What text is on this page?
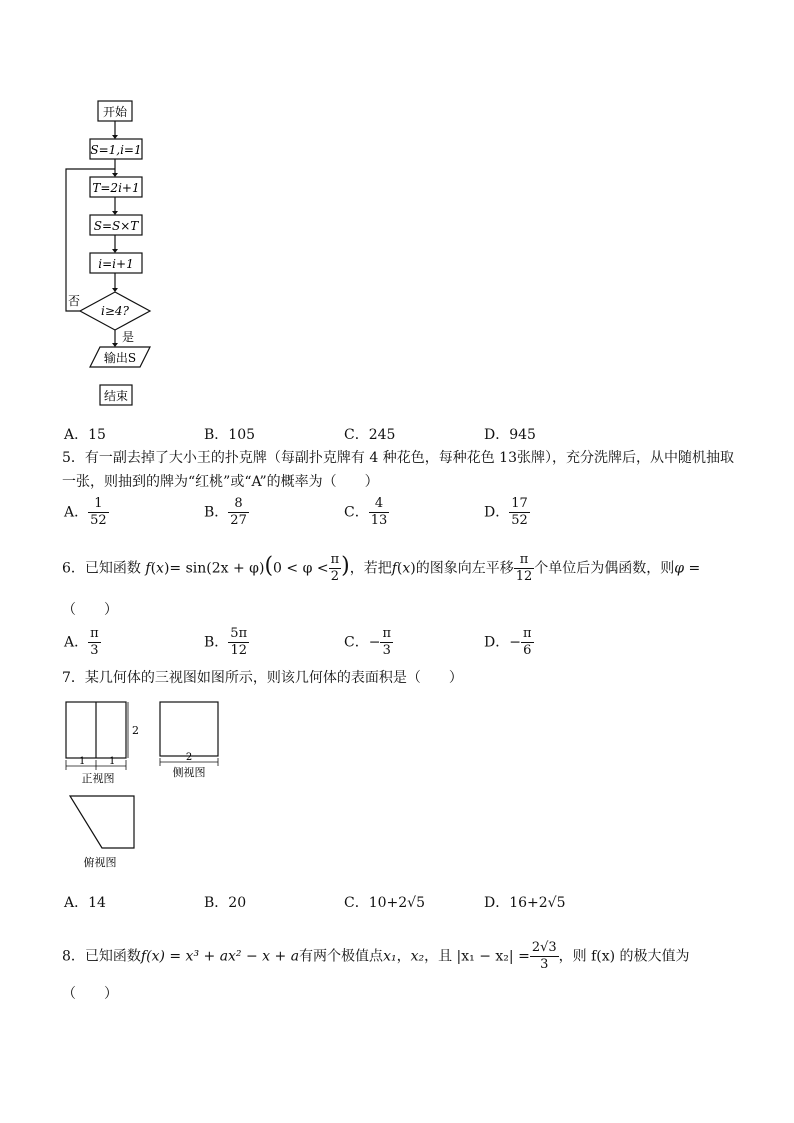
开始
S=1,i=1
T=2i+1
S=S×T
i=i+1
i≥4?
否
是
输出S
结束
A．15	B．105	C．245	D．945
5．有一副去掉了大小王的扑克牌（每副扑克牌有 4 种花色，每种花色 13张牌），充分洗牌后，从中随机抽取
一张，则抽到的牌为“红桃”或“A”的概率为（　　）
A． $\frac{1}{52}$	B． $\frac{8}{27}$	C． $\frac{4}{13}$	D． $\frac{17}{52}$
6．已知函数 $f(x)= \sin(2x + \varphi)(0 < \varphi < \frac{\pi}{2}$ )，若把f(x)的图象向左平移 $\frac{\pi}{12}$ 个单位后为偶函数，则φ =
（　　）
A． $\frac{\pi}{3}$	B． $\frac{5\pi}{12}$	C．− $\frac{\pi}{3}$	D．− $\frac{\pi}{6}$
7．某几何体的三视图如图所示，则该几何体的表面积是（　　）
2
1 1
正视图
2
侧视图
俯视图
A．14	B．20	C．10+2√5	D．16+2√5
8．已知函数f(x) = x³ + ax² − x + a有两个极值点x₁，x₂，且 $|x_1 - x_2| = \frac{2√3}{3}$ ，则 f(x) 的极大值为
（　　）
